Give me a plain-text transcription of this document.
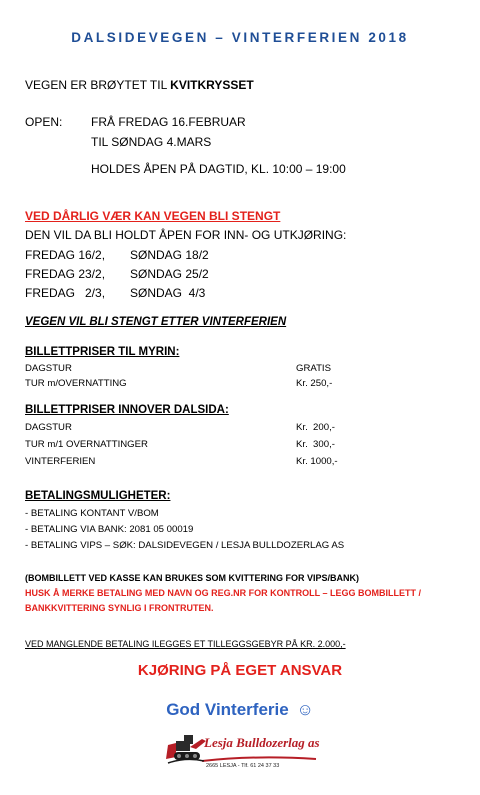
DALSIDEVEGEN – VINTERFERIEN 2018
VEGEN ER BRØYTET TIL KVITKRYSSET
OPEN: FRÅ FREDAG 16.FEBRUAR
TIL SØNDAG 4.MARS
HOLDES ÅPEN PÅ DAGTID, KL. 10:00 – 19:00
VED DÅRLIG VÆR KAN VEGEN BLI STENGT
DEN VIL DA BLI HOLDT ÅPEN FOR INN- OG UTKJØRING:
FREDAG 16/2, SØNDAG 18/2
FREDAG 23/2, SØNDAG 25/2
FREDAG   2/3, SØNDAG  4/3
VEGEN VIL BLI STENGT ETTER VINTERFERIEN
BILLETTPRISER TIL MYRIN:
DAGSTUR	GRATIS
TUR m/OVERNATTING	Kr. 250,-
BILLETTPRISER INNOVER DALSIDA:
DAGSTUR	Kr.  200,-
TUR m/1 OVERNATTINGER	Kr.  300,-
VINTERFERIEN	Kr. 1000,-
BETALINGSMULIGHETER:
- BETALING KONTANT V/BOM
- BETALING VIA BANK: 2081 05 00019
- BETALING VIPS – SØK: DALSIDEVEGEN / LESJA BULLDOZERLAG AS
(BOMBILLETT VED KASSE KAN BRUKES SOM KVITTERING FOR VIPS/BANK)
HUSK Å MERKE BETALING MED NAVN OG REG.NR FOR KONTROLL – LEGG BOMBILLETT /
BANKKVITTERING SYNLIG I FRONTRUTEN.
VED MANGLENDE BETALING ILEGGES ET TILLEGGSGEBYR PÅ KR. 2.000,-
KJØRING PÅ EGET ANSVAR
God Vinterferie ☺
Lesja Bulldozerlag as
2665 LESJA - Tlf. 61 24 37 33
